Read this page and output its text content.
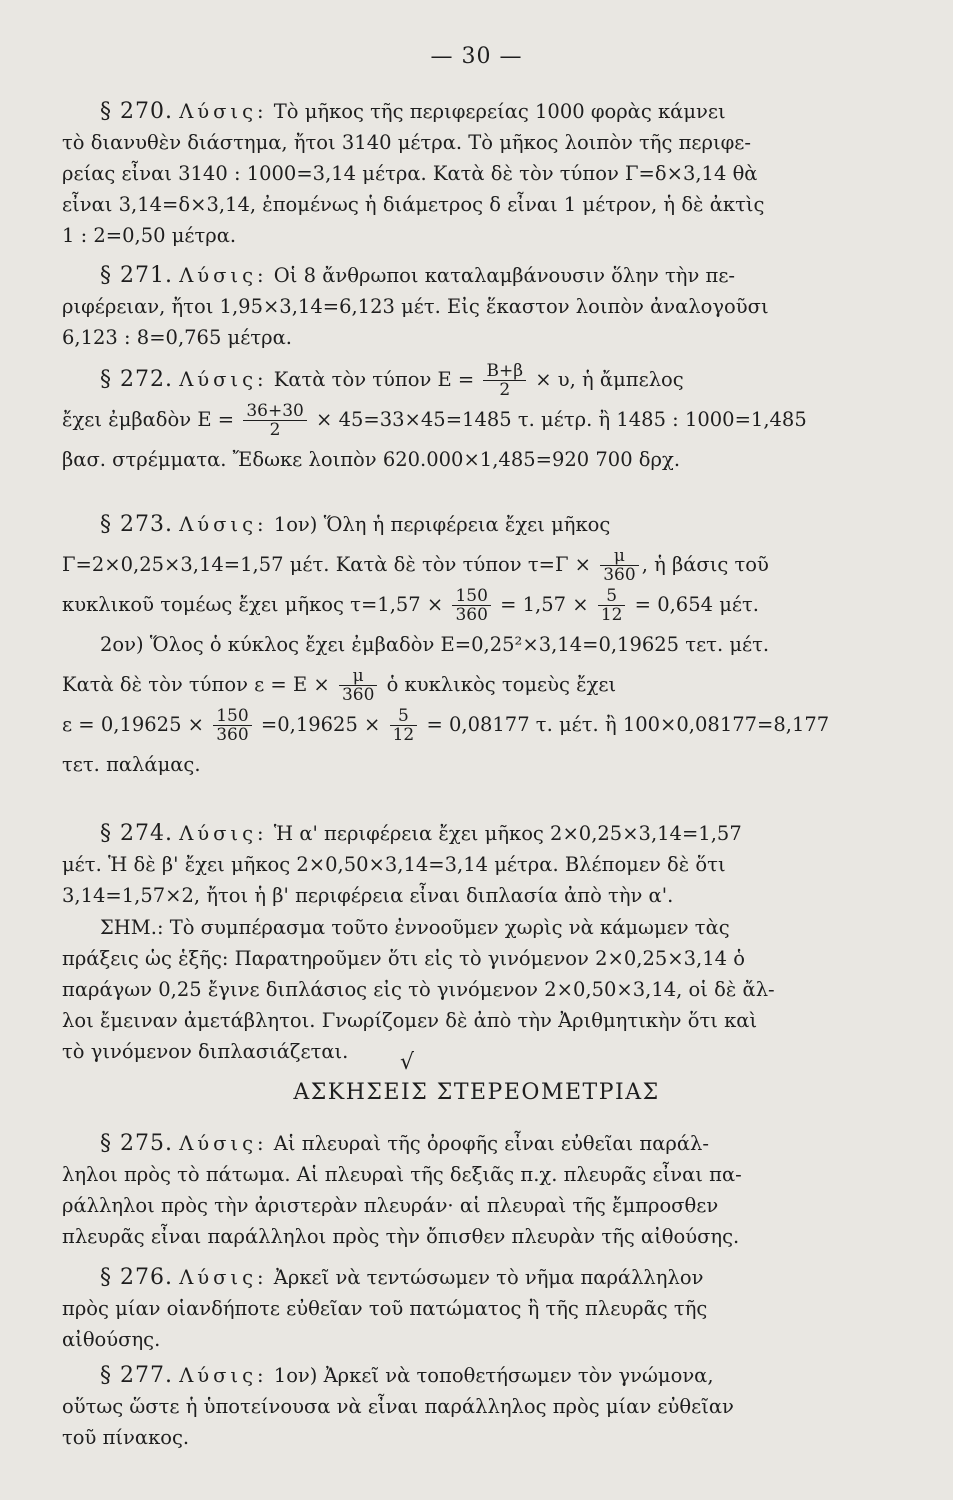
— 30 —
§ 270. Λύσις: Τὸ μῆκος τῆς περιφερείας 1000 φορὰς κάμνει
τὸ διανυθὲν διάστημα, ἤτοι 3140 μέτρα. Τὸ μῆκος λοιπὸν τῆς περιφε-
ρείας εἶναι 3140 : 1000=3,14 μέτρα. Κατὰ δὲ τὸν τύπον Γ=δ×3,14 θὰ
εἶναι 3,14=δ×3,14, ἐπομένως ἡ διάμετρος δ εἶναι 1 μέτρον, ἡ δὲ ἀκτὶς
1 : 2=0,50 μέτρα.
§ 271. Λύσις: Οἱ 8 ἄνθρωποι καταλαμβάνουσιν ὅλην τὴν πε-
ριφέρειαν, ἤτοι 1,95×3,14=6,123 μέτ. Εἰς ἕκαστον λοιπὸν ἀναλογοῦσι
6,123 : 8=0,765 μέτρα.
§ 272. Λύσις: Κατὰ τὸν τύπον $E = \frac{B+\beta}{2} \times \upsilon$, ἡ ἄμπελος
ἔχει ἐμβαδὸν $E = \frac{36+30}{2} \times 45=33\times 45=1485$ τ. μέτρ. ἢ 1485 : 1000=1,485
βασ. στρέμματα. Ἔδωκε λοιπὸν 620.000×1,485=920 700 δρχ.
§ 273. Λύσις: 1ον) Ὅλη ἡ περιφέρεια ἔχει μῆκος
Γ=2×0,25×3,14=1,57 μέτ. Κατὰ δὲ τὸν τύπον $\tau=\Gamma \times \frac{\mu}{360}$ , ἡ βάσις τοῦ
κυκλικοῦ τομέως ἔχει μῆκος $\tau=1,57 \times \frac{150}{360} = 1,57 \times \frac{5}{12} = 0,654$ μέτ.
2ον) Ὅλος ὁ κύκλος ἔχει ἐμβαδὸν Ε=0,25²×3,14=0,19625 τετ. μέτ.
Κατὰ δὲ τὸν τύπον $\varepsilon = E \times \frac{\mu}{360}$ ὁ κυκλικὸς τομεὺς ἔχει
$\varepsilon = 0,19625 \times \frac{150}{360} =0,19625 \times \frac{5}{12} = 0,08177$ τ. μέτ. ἢ 100×0,08177=8,177
τετ. παλάμας.
§ 274. Λύσις: Ἡ α' περιφέρεια ἔχει μῆκος 2×0,25×3,14=1,57
μέτ. Ἡ δὲ β' ἔχει μῆκος 2×0,50×3,14=3,14 μέτρα. Βλέπομεν δὲ ὅτι
3,14=1,57×2, ἤτοι ἡ β' περιφέρεια εἶναι διπλασία ἀπὸ τὴν α'.
ΣΗΜ.: Τὸ συμπέρασμα τοῦτο ἐννοοῦμεν χωρὶς νὰ κάμωμεν τὰς
πράξεις ὡς ἑξῆς: Παρατηροῦμεν ὅτι εἰς τὸ γινόμενον 2×0,25×3,14 ὁ
παράγων 0,25 ἔγινε διπλάσιος εἰς τὸ γινόμενον 2×0,50×3,14, οἱ δὲ ἄλ-
λοι ἔμειναν ἀμετάβλητοι. Γνωρίζομεν δὲ ἀπὸ τὴν Ἀριθμητικὴν ὅτι καὶ
τὸ γινόμενον διπλασιάζεται.	√
ΑΣΚΗΣΕΙΣ ΣΤΕΡΕΟΜΕΤΡΙΑΣ
§ 275. Λύσις: Αἱ πλευραὶ τῆς ὀροφῆς εἶναι εὐθεῖαι παράλ-
ληλοι πρὸς τὸ πάτωμα. Αἱ πλευραὶ τῆς δεξιᾶς π.χ. πλευρᾶς εἶναι πα-
ράλληλοι πρὸς τὴν ἀριστερὰν πλευράν· αἱ πλευραὶ τῆς ἔμπροσθεν
πλευρᾶς εἶναι παράλληλοι πρὸς τὴν ὄπισθεν πλευρὰν τῆς αἰθούσης.
§ 276. Λύσις: Ἀρκεῖ νὰ τεντώσωμεν τὸ νῆμα παράλληλον
πρὸς μίαν οἱανδήποτε εὐθεῖαν τοῦ πατώματος ἢ τῆς πλευρᾶς τῆς
αἰθούσης.
§ 277. Λύσις: 1ον) Ἀρκεῖ νὰ τοποθετήσωμεν τὸν γνώμονα,
οὕτως ὥστε ἡ ὑποτείνουσα νὰ εἶναι παράλληλος πρὸς μίαν εὐθεῖαν
τοῦ πίνακος.
